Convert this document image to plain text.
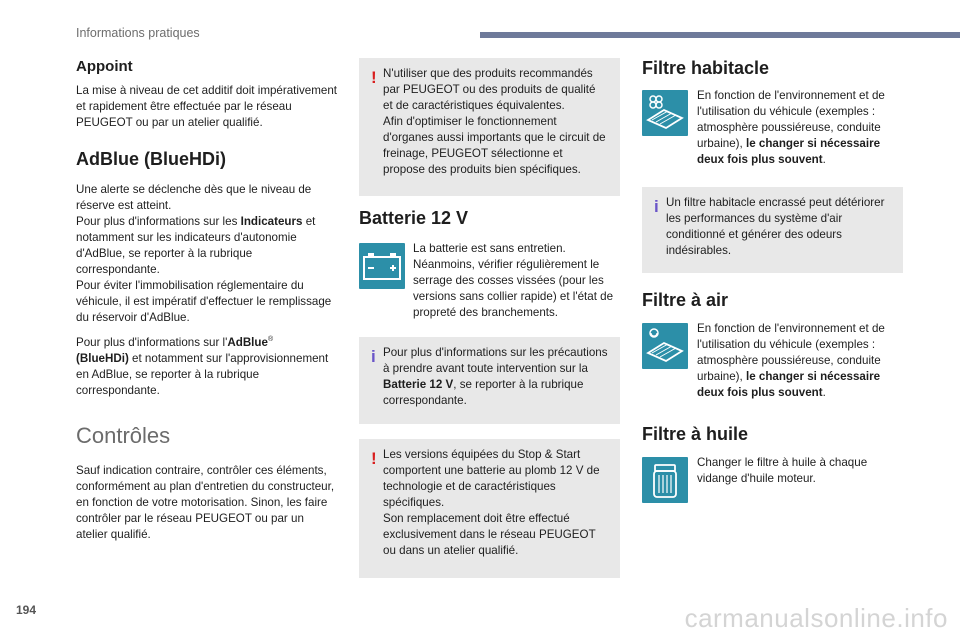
Informations pratiques
Appoint

La mise à niveau de cet additif doit impérativement et rapidement être effectuée par le réseau PEUGEOT ou par un atelier qualifié.

AdBlue (BlueHDi)

Une alerte se déclenche dès que le niveau de réserve est atteint.
Pour plus d'informations sur les Indicateurs et notamment sur les indicateurs d'autonomie d'AdBlue, se reporter à la rubrique correspondante.
Pour éviter l'immobilisation réglementaire du véhicule, il est impératif d'effectuer le remplissage du réservoir d'AdBlue.

Pour plus d'informations sur l'AdBlue®
(BlueHDi) et notamment sur l'approvisionnement en AdBlue, se reporter à la rubrique correspondante.

Contrôles

Sauf indication contraire, contrôler ces éléments, conformément au plan d'entretien du constructeur, en fonction de votre motorisation. Sinon, les faire contrôler par le réseau PEUGEOT ou par un atelier qualifié.

! N'utiliser que des produits recommandés par PEUGEOT ou des produits de qualité et de caractéristiques équivalentes.
Afin d'optimiser le fonctionnement d'organes aussi importants que le circuit de freinage, PEUGEOT sélectionne et propose des produits bien spécifiques.

Batterie 12 V

La batterie est sans entretien. Néanmoins, vérifier régulièrement le serrage des cosses vissées (pour les versions sans collier rapide) et l'état de propreté des branchements.

i Pour plus d'informations sur les précautions à prendre avant toute intervention sur la Batterie 12 V, se reporter à la rubrique correspondante.

! Les versions équipées du Stop & Start comportent une batterie au plomb 12 V de technologie et de caractéristiques spécifiques.
Son remplacement doit être effectué exclusivement dans le réseau PEUGEOT ou dans un atelier qualifié.

Filtre habitacle

En fonction de l'environnement et de l'utilisation du véhicule (exemples : atmosphère poussiéreuse, conduite urbaine), le changer si nécessaire deux fois plus souvent.

i Un filtre habitacle encrassé peut détériorer les performances du système d'air conditionné et générer des odeurs indésirables.

Filtre à air

En fonction de l'environnement et de l'utilisation du véhicule (exemples : atmosphère poussiéreuse, conduite urbaine), le changer si nécessaire deux fois plus souvent.

Filtre à huile

Changer le filtre à huile à chaque vidange d'huile moteur.

194	carmanualsonline.info
